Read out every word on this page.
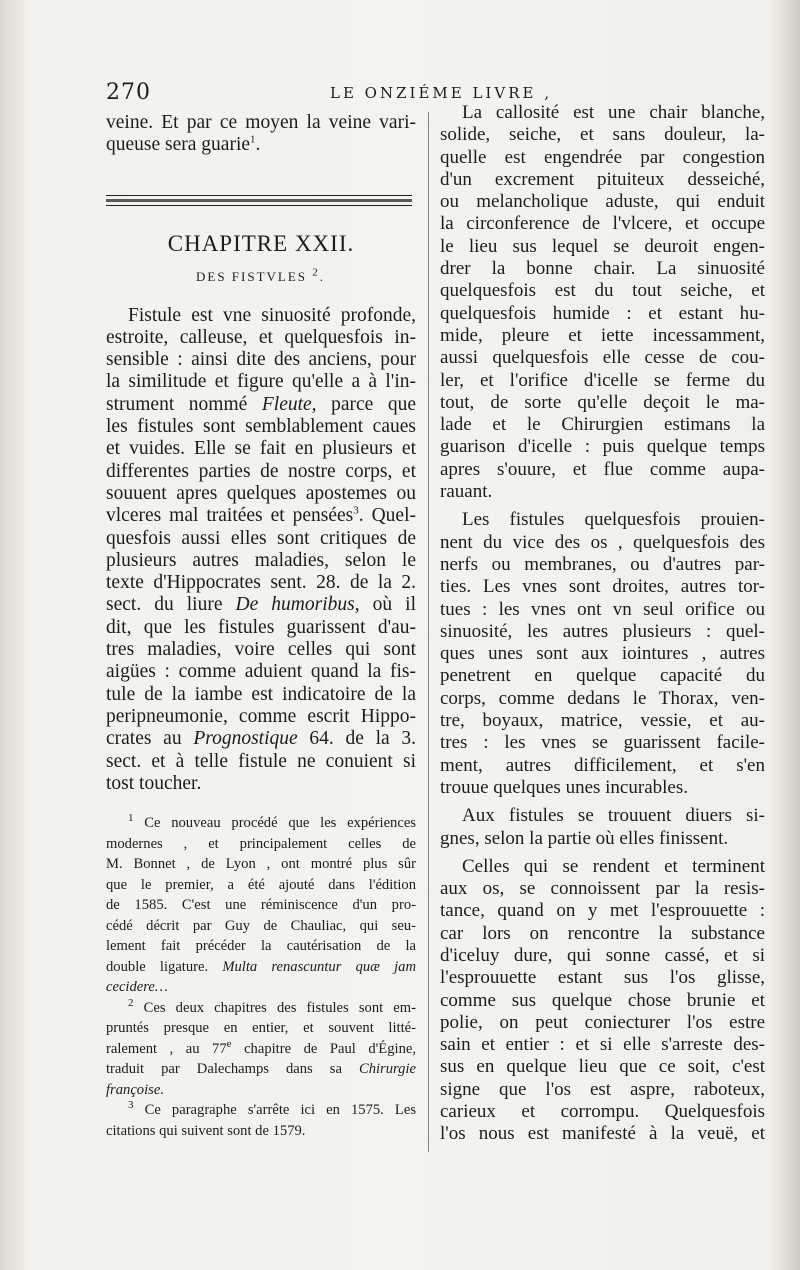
270	LE ONZIÉME LIVRE ,
veine. Et par ce moyen la veine vari-
queuse sera guarie$^1$.
CHAPITRE XXII.
DES FISTVLES $^2$.
Fistule est vne sinuosité profonde,
estroite, calleuse, et quelquesfois in-
sensible : ainsi dite des anciens, pour
la similitude et figure qu'elle a à l'in-
strument nommé Fleute, parce que
les fistules sont semblablement caues
et vuides. Elle se fait en plusieurs et
differentes parties de nostre corps, et
souuent apres quelques apostemes ou
vlceres mal traitées et pensées$^3$. Quel-
quesfois aussi elles sont critiques de
plusieurs autres maladies, selon le
texte d'Hippocrates sent. 28. de la 2.
sect. du liure De humoribus, où il
dit, que les fistules guarissent d'au-
tres maladies, voire celles qui sont
aigües : comme aduient quand la fis-
tule de la iambe est indicatoire de la
peripneumonie, comme escrit Hippo-
crates au Prognostique 64. de la 3.
sect. et à telle fistule ne conuient si
tost toucher.
$^1$ Ce nouveau procédé que les expériences
modernes , et principalement celles de
M. Bonnet , de Lyon , ont montré plus sûr
que le premier, a été ajouté dans l'édition
de 1585. C'est une réminiscence d'un pro-
cédé décrit par Guy de Chauliac, qui seu-
lement fait précéder la cautérisation de la
double ligature. Multa renascuntur quæ jam
cecidere…
$^2$ Ces deux chapitres des fistules sont em-
pruntés presque en entier, et souvent litté-
ralement , au 77e chapitre de Paul d'Égine,
traduit par Dalechamps dans sa Chirurgie
françoise.
$^3$ Ce paragraphe s'arrête ici en 1575. Les
citations qui suivent sont de 1579.
La callosité est une chair blanche,
solide, seiche, et sans douleur, la-
quelle est engendrée par congestion
d'un excrement pituiteux desseiché,
ou melancholique aduste, qui enduit
la circonference de l'vlcere, et occupe
le lieu sus lequel se deuroit engen-
drer la bonne chair. La sinuosité
quelquesfois est du tout seiche, et
quelquesfois humide : et estant hu-
mide, pleure et iette incessamment,
aussi quelquesfois elle cesse de cou-
ler, et l'orifice d'icelle se ferme du
tout, de sorte qu'elle deçoit le ma-
lade et le Chirurgien estimans la
guarison d'icelle : puis quelque temps
apres s'ouure, et flue comme aupa-
rauant.
Les fistules quelquesfois prouien-
nent du vice des os , quelquesfois des
nerfs ou membranes, ou d'autres par-
ties. Les vnes sont droites, autres tor-
tues : les vnes ont vn seul orifice ou
sinuosité, les autres plusieurs : quel-
ques unes sont aux iointures , autres
penetrent en quelque capacité du
corps, comme dedans le Thorax, ven-
tre, boyaux, matrice, vessie, et au-
tres : les vnes se guarissent facile-
ment, autres difficilement, et s'en
trouue quelques unes incurables.
Aux fistules se trouuent diuers si-
gnes, selon la partie où elles finissent.
Celles qui se rendent et terminent
aux os, se connoissent par la resis-
tance, quand on y met l'esprouuette :
car lors on rencontre la substance
d'iceluy dure, qui sonne cassé, et si
l'esprouuette estant sus l'os glisse,
comme sus quelque chose brunie et
polie, on peut coniecturer l'os estre
sain et entier : et si elle s'arreste des-
sus en quelque lieu que ce soit, c'est
signe que l'os est aspre, raboteux,
carieux et corrompu. Quelquesfois
l'os nous est manifesté à la veuë, et
